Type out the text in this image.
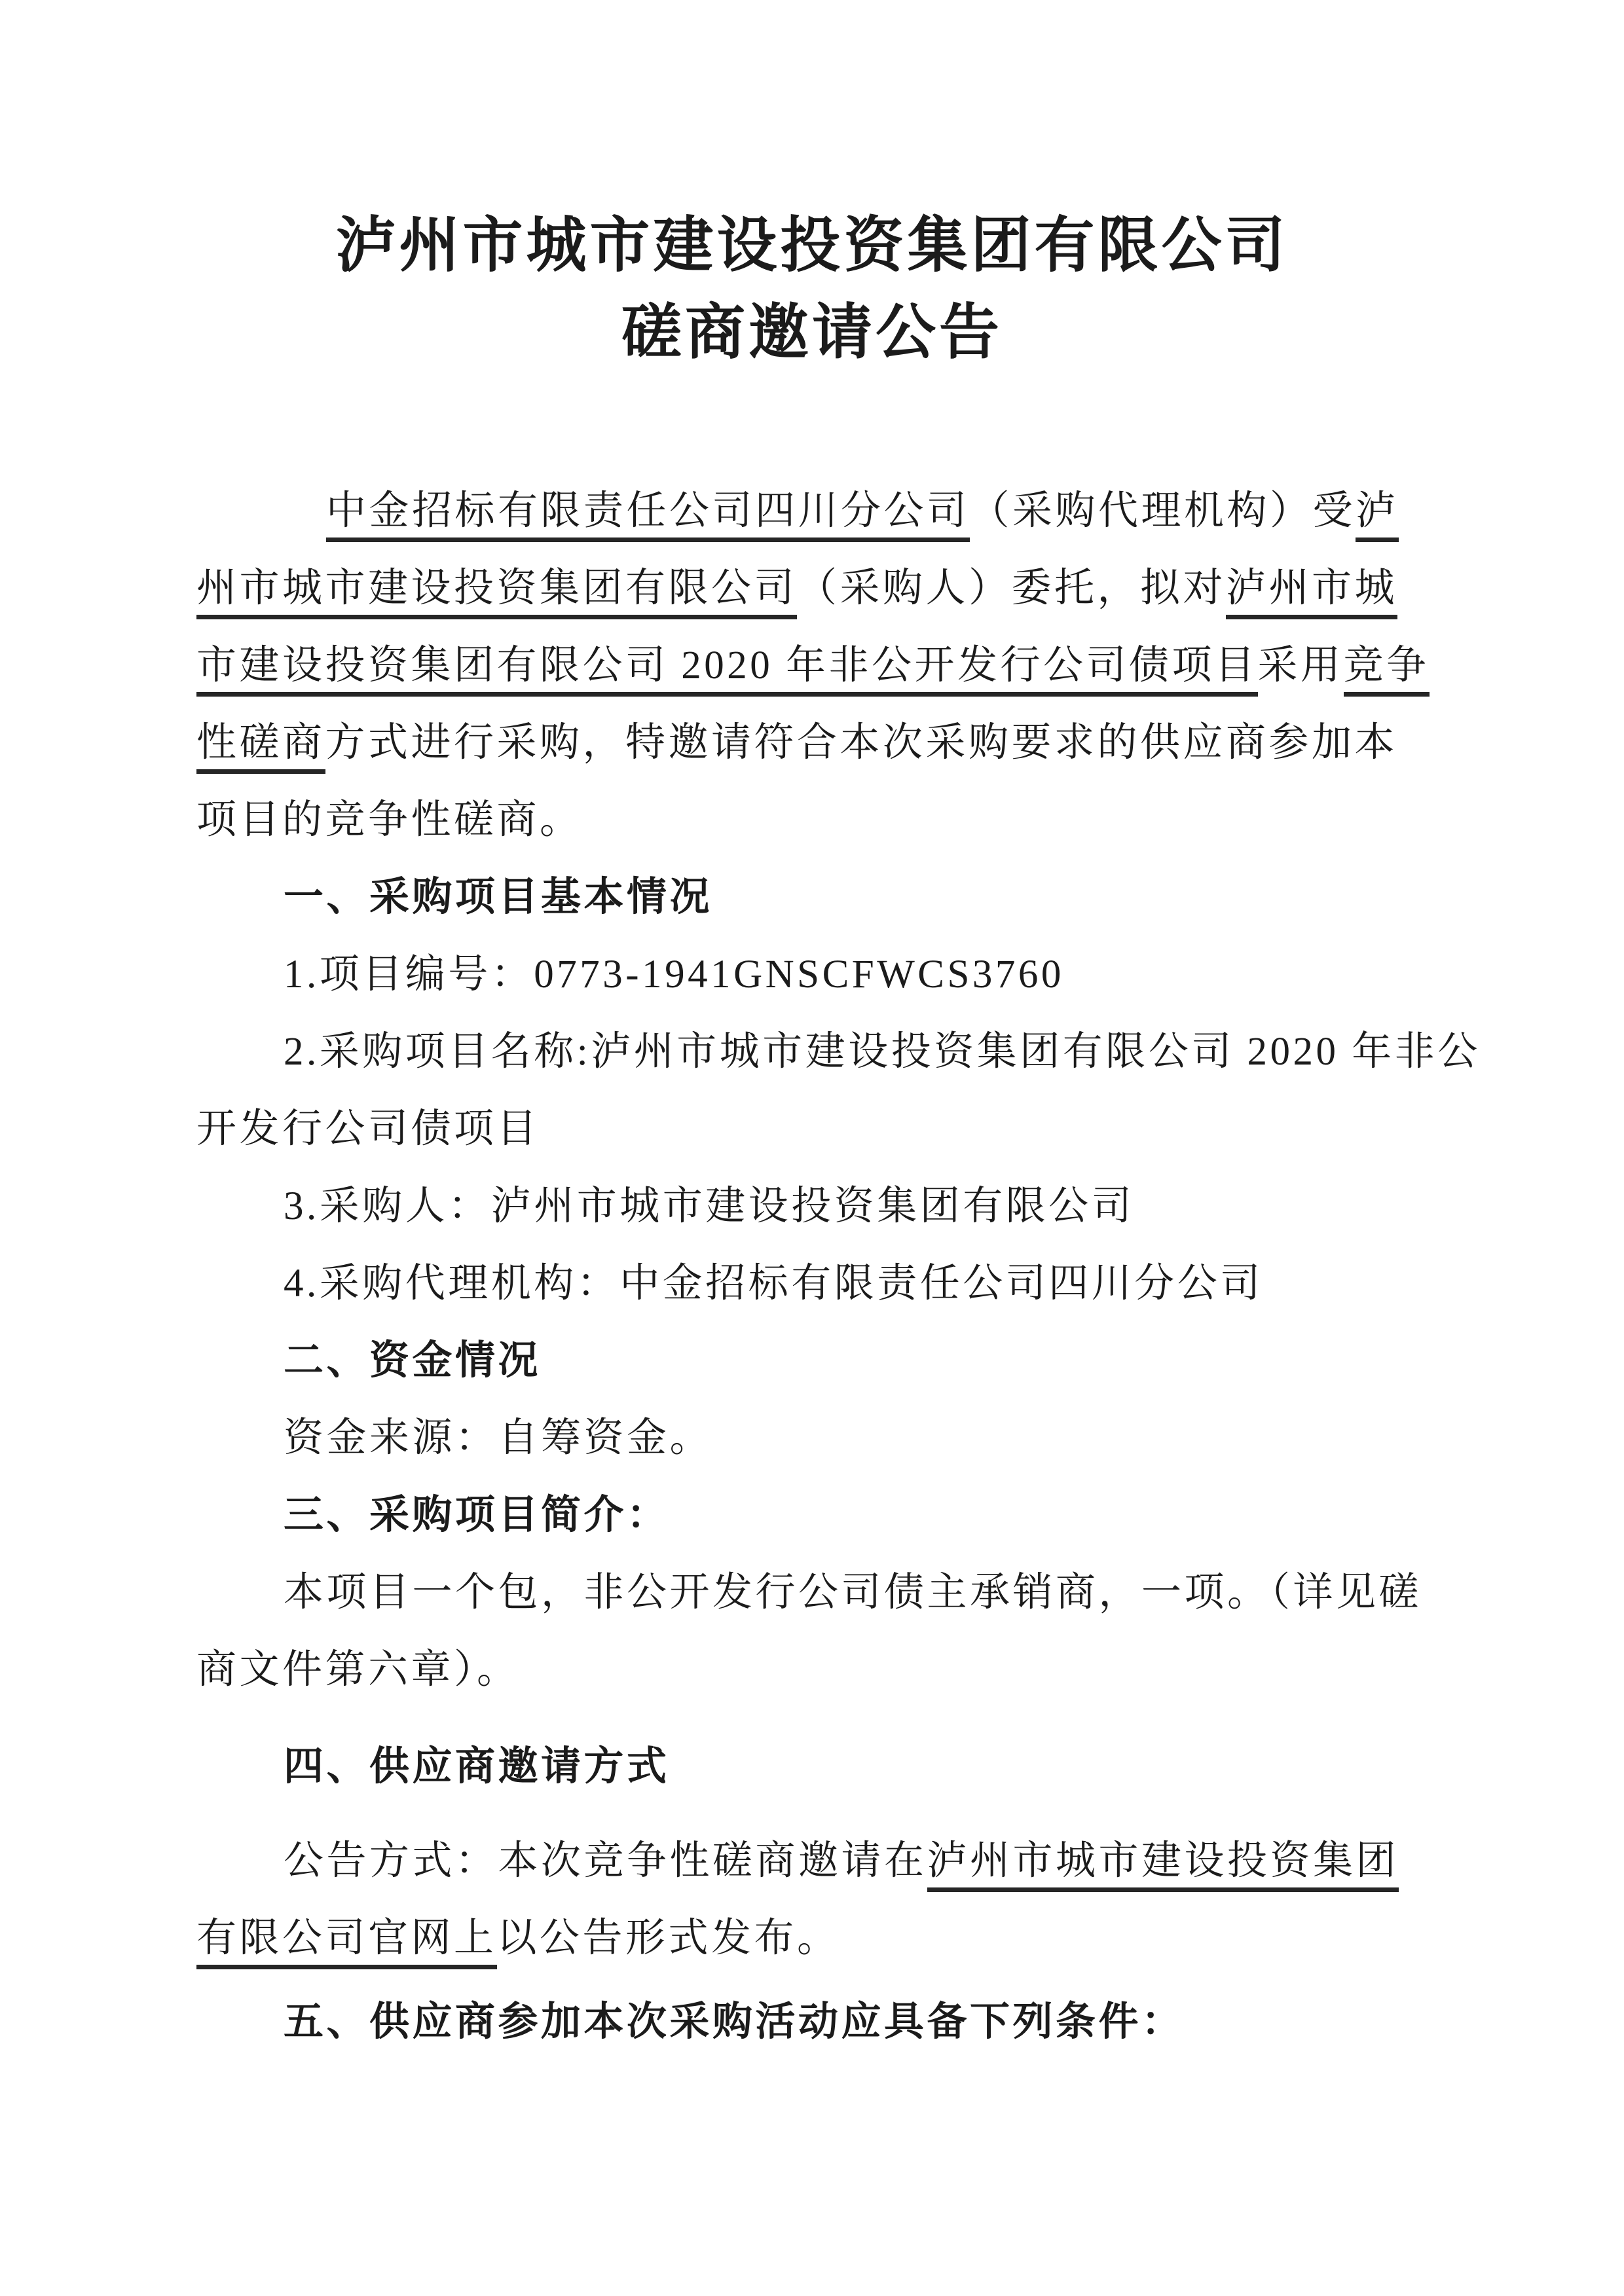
泸州市城市建设投资集团有限公司
磋商邀请公告
中金招标有限责任公司四川分公司（采购代理机构）受泸
州市城市建设投资集团有限公司（采购人）委托，拟对泸州市城
市建设投资集团有限公司 2020 年非公开发行公司债项目采用竞争
性磋商方式进行采购，特邀请符合本次采购要求的供应商参加本
项目的竞争性磋商。
一、采购项目基本情况
1.项目编号：0773-1941GNSCFWCS3760
2.采购项目名称:泸州市城市建设投资集团有限公司 2020 年非公
开发行公司债项目
3.采购人：泸州市城市建设投资集团有限公司
4.采购代理机构：中金招标有限责任公司四川分公司
二、资金情况
资金来源：自筹资金。
三、采购项目简介：
本项目一个包，非公开发行公司债主承销商，一项。（详见磋
商文件第六章）。
四、供应商邀请方式
公告方式：本次竞争性磋商邀请在泸州市城市建设投资集团
有限公司官网上以公告形式发布。
五、供应商参加本次采购活动应具备下列条件：
